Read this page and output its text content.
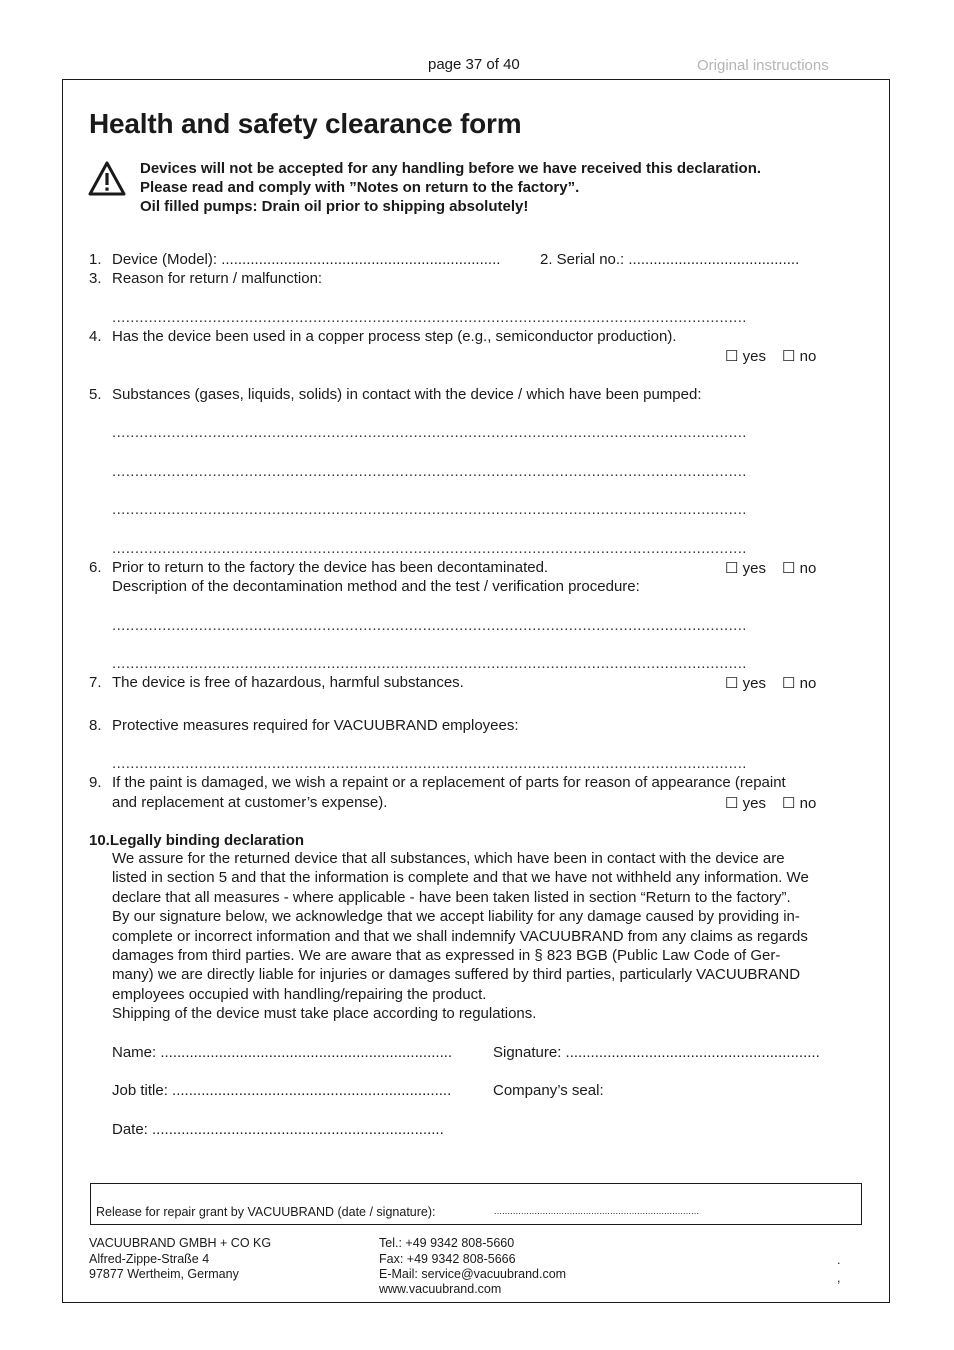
page 37 of 40	Original instructions
Health and safety clearance form
Devices will not be accepted for any handling before we have received this declaration.
Please read and comply with ”Notes on return to the factory”.
Oil filled pumps: Drain oil prior to shipping absolutely!
1. Device (Model): ...................................................................	2. Serial no.: .........................................
3. Reason for return / malfunction:
...........................................................................................................................................
4. Has the device been used in a copper process step (e.g., semiconductor production).
☐ yes ☐ no
5. Substances (gases, liquids, solids) in contact with the device / which have been pumped:
...........................................................................................................................................
...........................................................................................................................................
...........................................................................................................................................
...........................................................................................................................................
6. Prior to return to the factory the device has been decontaminated.	☐ yes ☐ no
Description of the decontamination method and the test / verification procedure:
...........................................................................................................................................
...........................................................................................................................................
7. The device is free of hazardous, harmful substances.	☐ yes ☐ no
8. Protective measures required for VACUUBRAND employees:
...........................................................................................................................................
9. If the paint is damaged, we wish a repaint or a replacement of parts for reason of appearance (repaint
and replacement at customer’s expense).	☐ yes ☐ no
10.Legally binding declaration
We assure for the returned device that all substances, which have been in contact with the device are
listed in section 5 and that the information is complete and that we have not withheld any information. We
declare that all measures - where applicable - have been taken listed in section “Return to the factory”.
By our signature below, we acknowledge that we accept liability for any damage caused by providing in-
complete or incorrect information and that we shall indemnify VACUUBRAND from any claims as regards
damages from third parties. We are aware that as expressed in § 823 BGB (Public Law Code of Ger-
many) we are directly liable for injuries or damages suffered by third parties, particularly VACUUBRAND
employees occupied with handling/repairing the product.
Shipping of the device must take place according to regulations.
Name: ......................................................................	Signature: .............................................................
Job title: ...................................................................	Company’s seal:
Date: ......................................................................
Release for repair grant by VACUUBRAND (date / signature):	............................................................................
VACUUBRAND GMBH + CO KG
Alfred-Zippe-Straße 4
97877 Wertheim, Germany
Tel.: +49 9342 808-5660
Fax: +49 9342 808-5666
E-Mail: service@vacuubrand.com
www.vacuubrand.com
.
,
